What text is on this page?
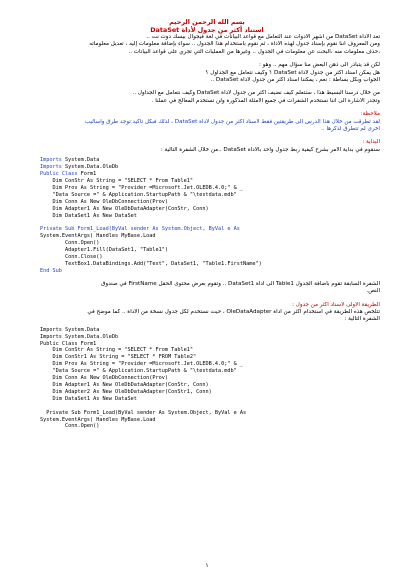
بسم الله الرحمن الرحيم
استناد أكثر من جدول لأداة DataSet
تعد الأداة DataSet من أشهر الأدوات عند التعامل مع قواعد البيانات في لغة فيجوال بيسك دوت نت ..
ومن المعروف اننا نقوم بإسناد جدول لهذه الأداة ، ثم نقوم باستخدام هذا الجدول .. سواء بإضافة معلومات إليه ، تعديل معلوماته
،حذف معلومات منه ،البحث عن معلومات في الجدول .. وغيرها من العمليات التي تجري على قواعد البيانات ..
لكن قد يتبادر الى ذهن البعض منا سؤال مهم .. وهو :
هل يمكن اسناد اكثر من جدول لأداة DataSet ؟ وكيف نتعامل مع الجداول ؟
الجواب وبكل بساطة : نعم ، يمكننا اسناد اكثر من جدول لأداة DataSet ..
من خلال درسنا البسيط هذا ، سنتعلم كيف نضيف أكثر من جدول لأداة DataSet وكيف نتعامل مع الجداول ..
وتجدر الاشارة الى اننا نستخدم الشفرات في جميع الامثلة المذكورة ولن نستخدم المعالج في عملنا .
ملاحظة:
لقد تطرقت من خلال هذا الدرس الى طريقتين فقط لأسناد أكثر من جدول لأداة DataSet ، لذلك فبكل تأكيد توجد طرق وأساليب
اخرى لم تتطرق لذكرها ..
البداية :
سنقوم في بداية الامر بشرح كيفية ربط جدول واحد بالأداة DataSet ..من خلال الشفرة التالية :
Imports System.Data
Imports System.Data.OleDb
Public Class Form1
Dim ConStr As String = "SELECT * From Table1"
Dim Prov As String = "Provider =Microsoft.Jet.OLEDB.4.0;" & _
"Data Source =" & Application.StartupPath & "\testdata.mdb"
Dim Conn As New OleDbConnection(Prov)
Dim Adapter1 As New OleDbDataAdapter(ConStr, Conn)
Dim DataSet1 As New DataSet

Private Sub Form1_Load(ByVal sender As System.Object, ByVal e As
System.EventArgs) Handles MyBase.Load
Conn.Open()
Adapter1.Fill(DataSet1, "Table1")
Conn.Close()
TextBox1.DataBindings.Add("Text", DataSet1, "Table1.FirstName")
End Sub
الشفرة السابقة تقوم باضافة الجدول Table1 الى أداة DataSet1 .. وتقوم بعرض محتوى الحقل FirstName في صندوق
النص.
الطريقة الأولى لأسناد أكثر من جدول :
تتلخص هذه الطريقة في استخدام أكثر من أداة OleDataAdapter ، حيث نستخدم لكل جدول نسخة من الاداة .. كما موضح في
الشفرة التالية :
Imports System.Data
Imports System.Data.OleDb
Public Class Form1
Dim ConStr As String = "SELECT * From Table1"
Dim ConStr1 As String = "SELECT * FROM Table2"
Dim Prov As String = "Provider =Microsoft.Jet.OLEDB.4.0;" & _
"Data Source =" & Application.StartupPath & "\testdata.mdb"
Dim Conn As New OleDbConnection(Prov)
Dim Adapter1 As New OleDbDataAdapter(ConStr, Conn)
Dim Adapter2 As New OleDbDataAdapter(ConStr1, Conn)
Dim DataSet1 As New DataSet

Private Sub Form1_Load(ByVal sender As System.Object, ByVal e As
System.EventArgs) Handles MyBase.Load
Conn.Open()
١
